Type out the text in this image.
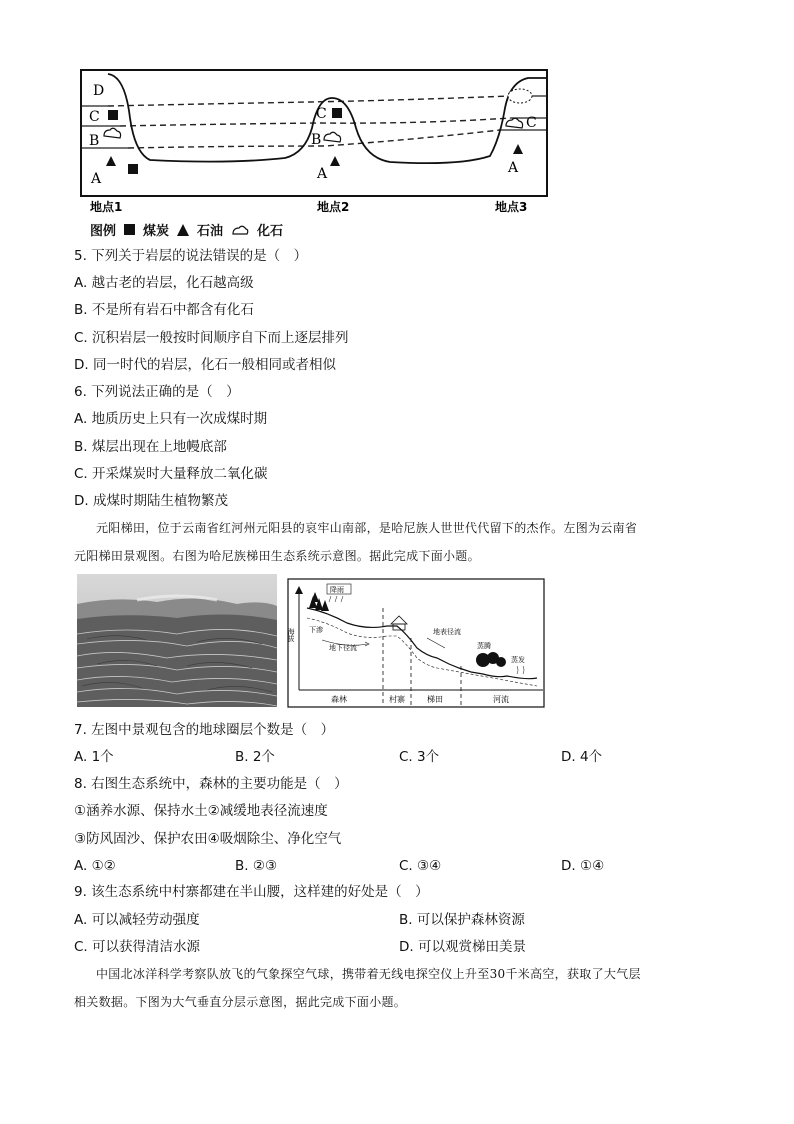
D
C
B
A
C
B
A
C
A
地点1	地点2	地点3
图例 煤炭 石油	化石
5. 下列关于岩层的说法错误的是（　）
A. 越古老的岩层，化石越高级
B. 不是所有岩石中都含有化石
C. 沉积岩层一般按时间顺序自下而上逐层排列
D. 同一时代的岩层，化石一般相同或者相似
6. 下列说法正确的是（　）
A. 地质历史上只有一次成煤时期
B. 煤层出现在上地幔底部
C. 开采煤炭时大量释放二氧化碳
D. 成煤时期陆生植物繁茂
元阳梯田，位于云南省红河州元阳县的哀牢山南部，是哈尼族人世世代代留下的杰作。左图为云南省
元阳梯田景观图。右图为哈尼族梯田生态系统示意图。据此完成下面小题。
海拔
降雨
下渗
地下径流
地表径流
蒸腾
蒸发
森林	村寨	梯田	河流
7. 左图中景观包含的地球圈层个数是（　）
A. 1个	B. 2个	C. 3个	D. 4个
8. 右图生态系统中，森林的主要功能是（　）
①涵养水源、保持水土②减缓地表径流速度
③防风固沙、保护农田④吸烟除尘、净化空气
A. ①②	B. ②③	C. ③④	D. ①④
9. 该生态系统中村寨都建在半山腰，这样建的好处是（　）
A. 可以减轻劳动强度	B. 可以保护森林资源
C. 可以获得清洁水源	D. 可以观赏梯田美景
中国北冰洋科学考察队放飞的气象探空气球，携带着无线电探空仪上升至30千米高空，获取了大气层
相关数据。下图为大气垂直分层示意图，据此完成下面小题。
